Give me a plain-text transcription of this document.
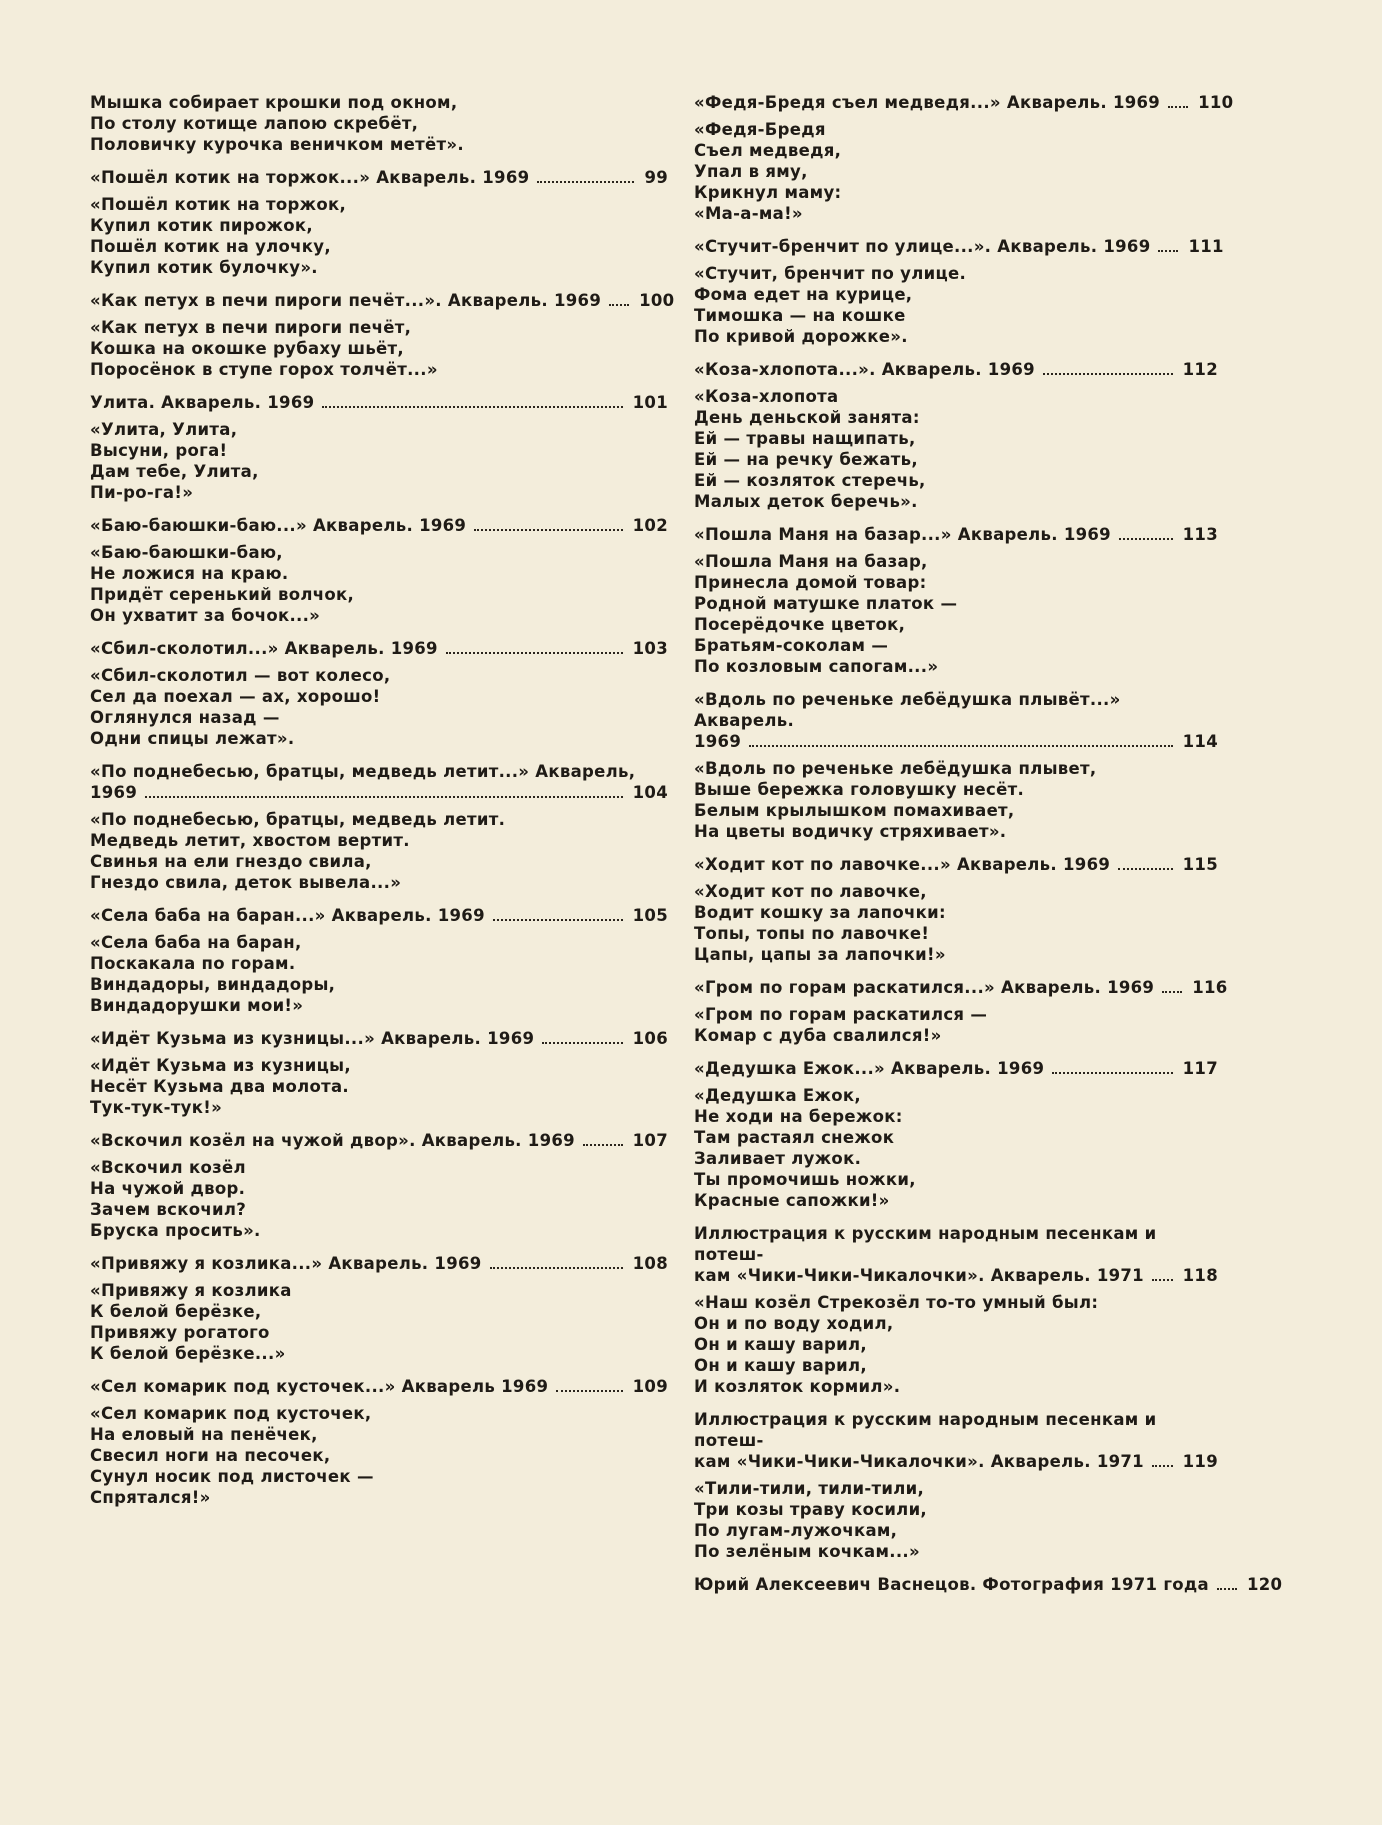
Мышка собирает крошки под окном,
По столу котище лапою скребёт,
Половичку курочка веничком метёт».
«Пошёл котик на торжок...» Акварель. 1969	99
«Пошёл котик на торжок,
Купил котик пирожок,
Пошёл котик на улочку,
Купил котик булочку».
«Как петух в печи пироги печёт...». Акварель. 1969 100
«Как петух в печи пироги печёт,
Кошка на окошке рубаху шьёт,
Поросёнок в ступе горох толчёт...»
Улита. Акварель. 1969	101
«Улита, Улита,
Высуни, рога!
Дам тебе, Улита,
Пи-ро-га!»
«Баю-баюшки-баю...» Акварель. 1969	102
«Баю-баюшки-баю,
Не ложися на краю.
Придёт серенький волчок,
Он ухватит за бочок...»
«Сбил-сколотил...» Акварель. 1969	103
«Сбил-сколотил — вот колесо,
Сел да поехал — ах, хорошо!
Оглянулся назад —
Одни спицы лежат».
«По поднебесью, братцы, медведь летит...» Акварель,
1969	104
«По поднебесью, братцы, медведь летит.
Медведь летит, хвостом вертит.
Свинья на ели гнездо свила,
Гнездо свила, деток вывела...»
«Села баба на баран...» Акварель. 1969	105
«Села баба на баран,
Поскакала по горам.
Виндадоры, виндадоры,
Виндадорушки мои!»
«Идёт Кузьма из кузницы...» Акварель. 1969	106
«Идёт Кузьма из кузницы,
Несёт Кузьма два молота.
Тук-тук-тук!»
«Вскочил козёл на чужой двор». Акварель. 1969	107
«Вскочил козёл
На чужой двор.
Зачем вскочил?
Бруска просить».
«Привяжу я козлика...» Акварель. 1969	108
«Привяжу я козлика
К белой берёзке,
Привяжу рогатого
К белой берёзке...»
«Сел комарик под кусточек...» Акварель 1969	109
«Сел комарик под кусточек,
На еловый на пенёчек,
Свесил ноги на песочек,
Сунул носик под листочек —
Спрятался!»
«Федя-Бредя съел медведя...» Акварель. 1969 110
«Федя-Бредя
Съел медведя,
Упал в яму,
Крикнул маму:
«Ма-а-ма!»
«Стучит-бренчит по улице...». Акварель. 1969 111
«Стучит, бренчит по улице.
Фома едет на курице,
Тимошка — на кошке
По кривой дорожке».
«Коза-хлопота...». Акварель. 1969	112
«Коза-хлопота
День деньской занята:
Ей — травы нащипать,
Ей — на речку бежать,
Ей — козляток стеречь,
Малых деток беречь».
«Пошла Маня на базар...» Акварель. 1969	113
«Пошла Маня на базар,
Принесла домой товар:
Родной матушке платок —
Посерёдочке цветок,
Братьям-соколам —
По козловым сапогам...»
«Вдоль по реченьке лебёдушка плывёт...» Акварель.
1969	114
«Вдоль по реченьке лебёдушка плывет,
Выше бережка головушку несёт.
Белым крылышком помахивает,
На цветы водичку стряхивает».
«Ходит кот по лавочке...» Акварель. 1969	115
«Ходит кот по лавочке,
Водит кошку за лапочки:
Топы, топы по лавочке!
Цапы, цапы за лапочки!»
«Гром по горам раскатился...» Акварель. 1969 116
«Гром по горам раскатился —
Комар с дуба свалился!»
«Дедушка Ежок...» Акварель. 1969	117
«Дедушка Ежок,
Не ходи на бережок:
Там растаял снежок
Заливает лужок.
Ты промочишь ножки,
Красные сапожки!»
Иллюстрация к русским народным песенкам и потеш-
кам «Чики-Чики-Чикалочки». Акварель. 1971 118
«Наш козёл Стрекозёл то-то умный был:
Он и по воду ходил,
Он и кашу варил,
Он и кашу варил,
И козляток кормил».
Иллюстрация к русским народным песенкам и потеш-
кам «Чики-Чики-Чикалочки». Акварель. 1971 119
«Тили-тили, тили-тили,
Три козы траву косили,
По лугам-лужочкам,
По зелёным кочкам...»
Юрий Алексеевич Васнецов. Фотография 1971 года 120
